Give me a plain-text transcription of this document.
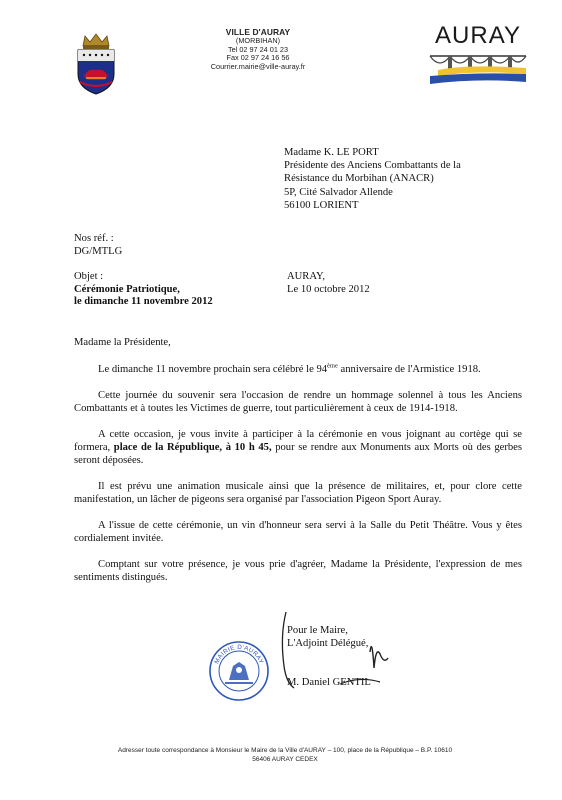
VILLE D'AURAY
(MORBIHAN)
Tel 02 97 24 01 23
Fax 02 97 24 16 56
Courrier.mairie@ville-auray.fr
AURAY
Madame K. LE PORT
Présidente des Anciens Combattants de la
Résistance du Morbihan (ANACR)
5P, Cité Salvador Allende
56100 LORIENT
Nos réf. :
DG/MTLG
Objet :
Cérémonie Patriotique,
le dimanche 11 novembre 2012
AURAY,
Le 10 octobre 2012

Madame la Présidente,

Le dimanche 11 novembre prochain sera célébré le 94ème anniversaire de l'Armistice 1918.

Cette journée du souvenir sera l'occasion de rendre un hommage solennel à tous les Anciens Combattants et à toutes les Victimes de guerre, tout particulièrement à ceux de 1914-1918.

A cette occasion, je vous invite à participer à la cérémonie en vous joignant au cortège qui se formera, place de la République, à 10 h 45, pour se rendre aux Monuments aux Morts où des gerbes seront déposées.

Il est prévu une animation musicale ainsi que la présence de militaires, et, pour clore cette manifestation, un lâcher de pigeons sera organisé par l'association Pigeon Sport Auray.

A l'issue de cette cérémonie, un vin d'honneur sera servi à la Salle du Petit Théâtre. Vous y êtes cordialement invitée.

Comptant sur votre présence, je vous prie d'agréer, Madame la Présidente, l'expression de mes sentiments distingués.

Pour le Maire,
L'Adjoint Délégué,
M. Daniel GENTIL
MAIRIE D'AURAY
Adresser toute correspondance à Monsieur le Maire de la Ville d'AURAY – 100, place de la République – B.P. 10610
56406 AURAY CEDEX
